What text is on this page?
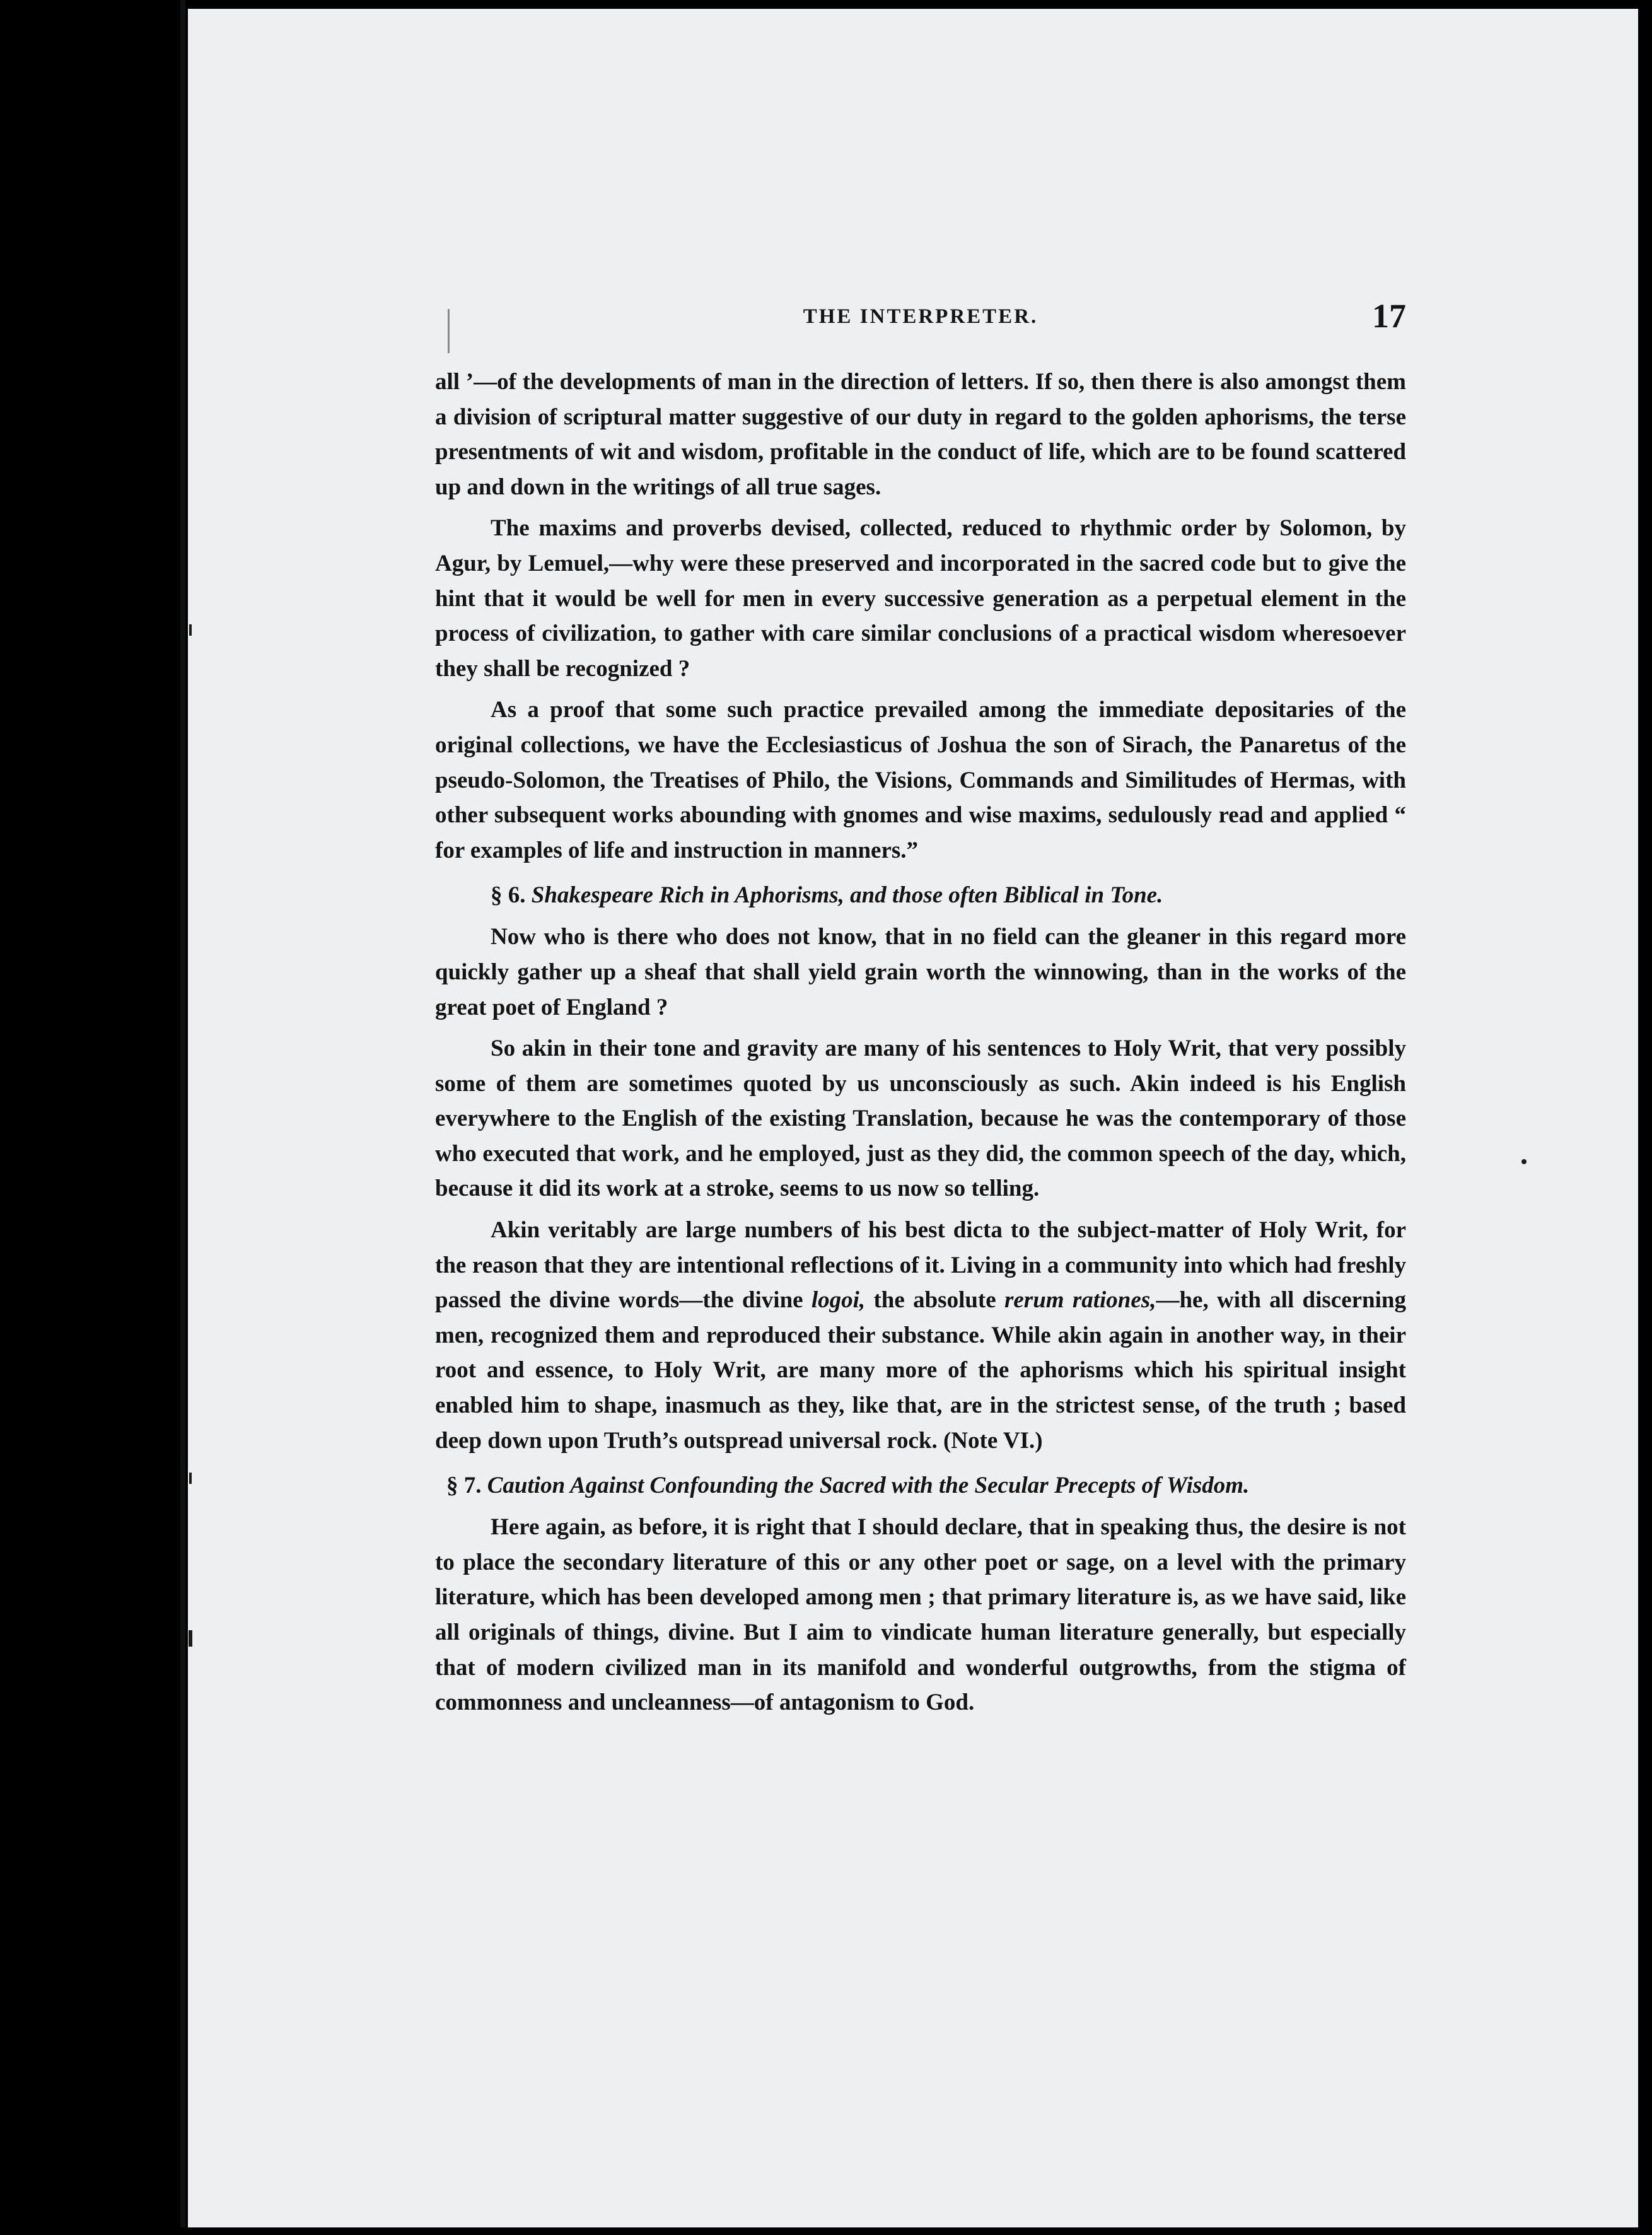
THE INTERPRETER.	17

all ’—of the developments of man in the direction of letters. If so, then there is also amongst them a division of scriptural matter suggestive of our duty in regard to the golden aphorisms, the terse presentments of wit and wisdom, profitable in the conduct of life, which are to be found scattered up and down in the writings of all true sages.

The maxims and proverbs devised, collected, reduced to rhythmic order by Solomon, by Agur, by Lemuel,—why were these preserved and incorporated in the sacred code but to give the hint that it would be well for men in every successive generation as a perpetual element in the process of civilization, to gather with care similar conclusions of a practical wisdom wheresoever they shall be recognized ?

As a proof that some such practice prevailed among the immediate depositaries of the original collections, we have the Ecclesiasticus of Joshua the son of Sirach, the Panaretus of the pseudo-Solomon, the Treatises of Philo, the Visions, Commands and Similitudes of Hermas, with other subsequent works abounding with gnomes and wise maxims, sedulously read and applied “ for examples of life and instruction in manners.”

§ 6. Shakespeare Rich in Aphorisms, and those often Biblical in Tone.

Now who is there who does not know, that in no field can the gleaner in this regard more quickly gather up a sheaf that shall yield grain worth the winnowing, than in the works of the great poet of England ?

So akin in their tone and gravity are many of his sentences to Holy Writ, that very possibly some of them are sometimes quoted by us unconsciously as such. Akin indeed is his English everywhere to the English of the existing Translation, because he was the contemporary of those who executed that work, and he employed, just as they did, the common speech of the day, which, because it did its work at a stroke, seems to us now so telling.

Akin veritably are large numbers of his best dicta to the subject-matter of Holy Writ, for the reason that they are intentional reflections of it. Living in a community into which had freshly passed the divine words—the divine logoi, the absolute rerum rationes,—he, with all discerning men, recognized them and reproduced their substance. While akin again in another way, in their root and essence, to Holy Writ, are many more of the aphorisms which his spiritual insight enabled him to shape, inasmuch as they, like that, are in the strictest sense, of the truth ; based deep down upon Truth’s outspread universal rock. (Note VI.)

§ 7. Caution Against Confounding the Sacred with the Secular Precepts of Wisdom.

Here again, as before, it is right that I should declare, that in speaking thus, the desire is not to place the secondary literature of this or any other poet or sage, on a level with the primary literature, which has been developed among men ; that primary literature is, as we have said, like all originals of things, divine. But I aim to vindicate human literature generally, but especially that of modern civilized man in its manifold and wonderful outgrowths, from the stigma of commonness and uncleanness—of antagonism to God.
